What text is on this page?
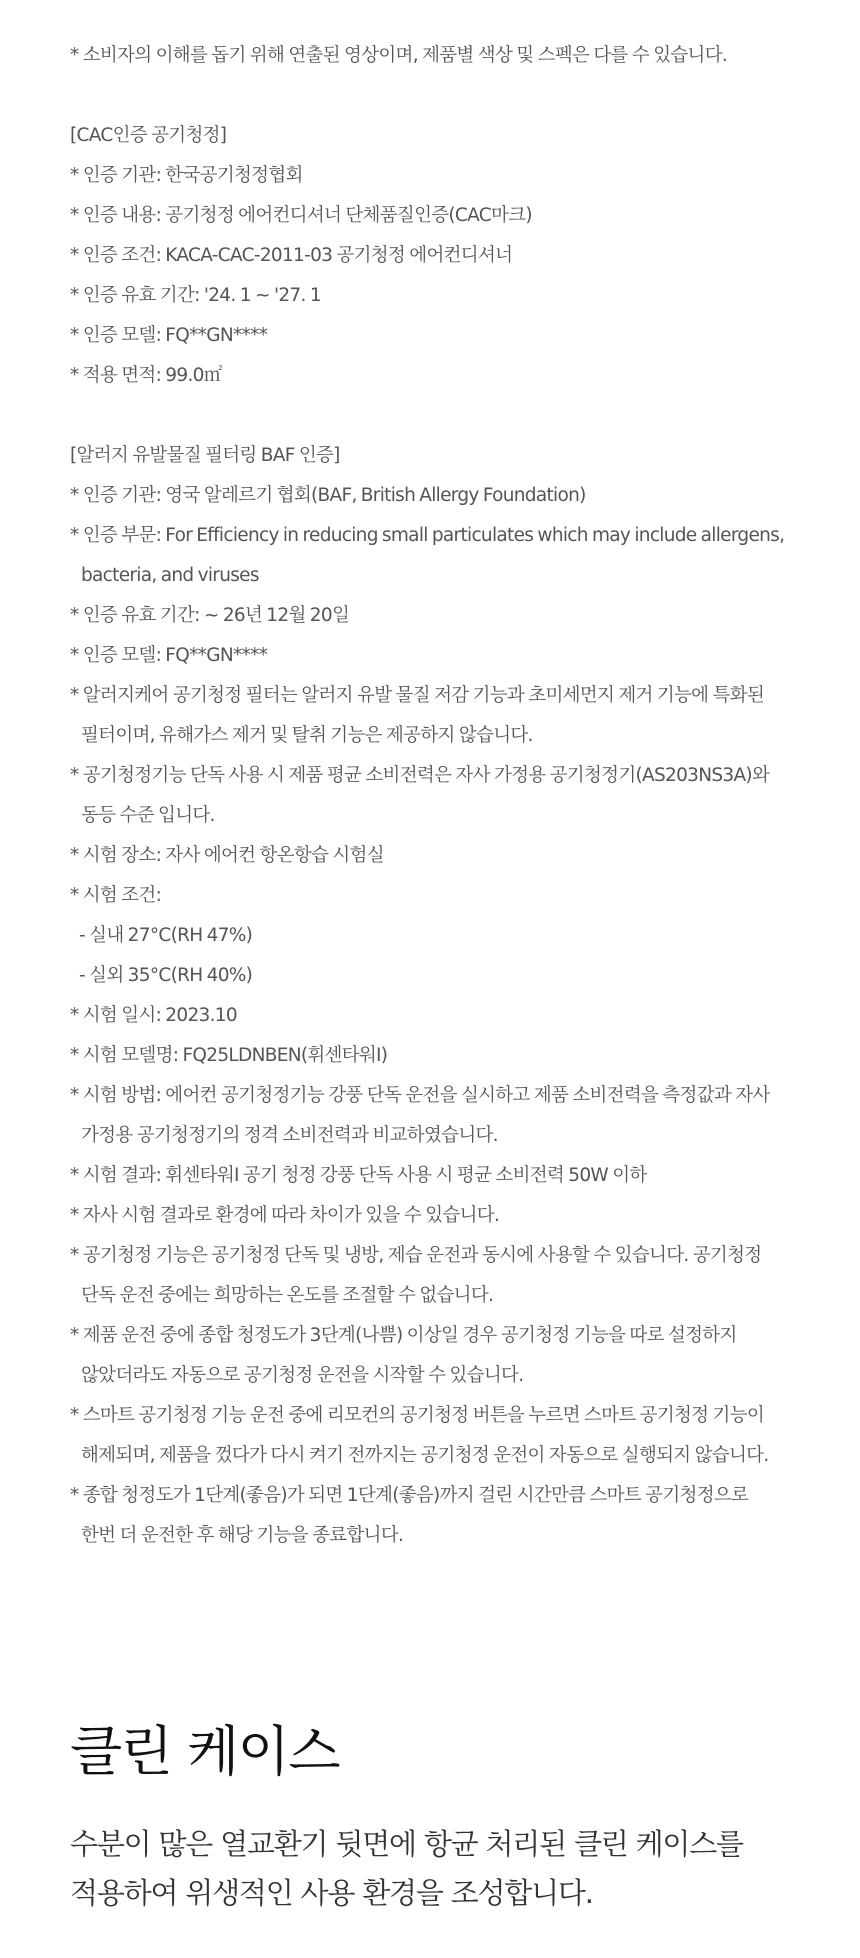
* 소비자의 이해를 돕기 위해 연출된 영상이며, 제품별 색상 및 스펙은 다를 수 있습니다.
[CAC인증 공기청정]
* 인증 기관: 한국공기청정협회
* 인증 내용: 공기청정 에어컨디셔너 단체품질인증(CAC마크)
* 인증 조건: KACA-CAC-2011-03 공기청정 에어컨디셔너
* 인증 유효 기간: '24. 1 ~ '27. 1
* 인증 모델: FQ**GN****
* 적용 면적: 99.0㎡
[알러지 유발물질 필터링 BAF 인증]
* 인증 기관: 영국 알레르기 협회(BAF, British Allergy Foundation)
* 인증 부문: For Efficiency in reducing small particulates which may include allergens,
bacteria, and viruses
* 인증 유효 기간: ~ 26년 12월 20일
* 인증 모델: FQ**GN****
* 알러지케어 공기청정 필터는 알러지 유발 물질 저감 기능과 초미세먼지 제거 기능에 특화된
필터이며, 유해가스 제거 및 탈취 기능은 제공하지 않습니다.
* 공기청정기능 단독 사용 시 제품 평균 소비전력은 자사 가정용 공기청정기(AS203NS3A)와
동등 수준 입니다.
* 시험 장소: 자사 에어컨 항온항습 시험실
* 시험 조건:
- 실내 27°C(RH 47%)
- 실외 35°C(RH 40%)
* 시험 일시: 2023.10
* 시험 모델명: FQ25LDNBEN(휘센타워I)
* 시험 방법: 에어컨 공기청정기능 강풍 단독 운전을 실시하고 제품 소비전력을 측정값과 자사
가정용 공기청정기의 정격 소비전력과 비교하였습니다.
* 시험 결과: 휘센타워I 공기 청정 강풍 단독 사용 시 평균 소비전력 50W 이하
* 자사 시험 결과로 환경에 따라 차이가 있을 수 있습니다.
* 공기청정 기능은 공기청정 단독 및 냉방, 제습 운전과 동시에 사용할 수 있습니다. 공기청정
단독 운전 중에는 희망하는 온도를 조절할 수 없습니다.
* 제품 운전 중에 종합 청정도가 3단계(나쁨) 이상일 경우 공기청정 기능을 따로 설정하지
않았더라도 자동으로 공기청정 운전을 시작할 수 있습니다.
* 스마트 공기청정 기능 운전 중에 리모컨의 공기청정 버튼을 누르면 스마트 공기청정 기능이
해제되며, 제품을 껐다가 다시 켜기 전까지는 공기청정 운전이 자동으로 실행되지 않습니다.
* 종합 청정도가 1단계(좋음)가 되면 1단계(좋음)까지 걸린 시간만큼 스마트 공기청정으로
한번 더 운전한 후 해당 기능을 종료합니다.
클린 케이스
수분이 많은 열교환기 뒷면에 항균 처리된 클린 케이스를
적용하여 위생적인 사용 환경을 조성합니다.
